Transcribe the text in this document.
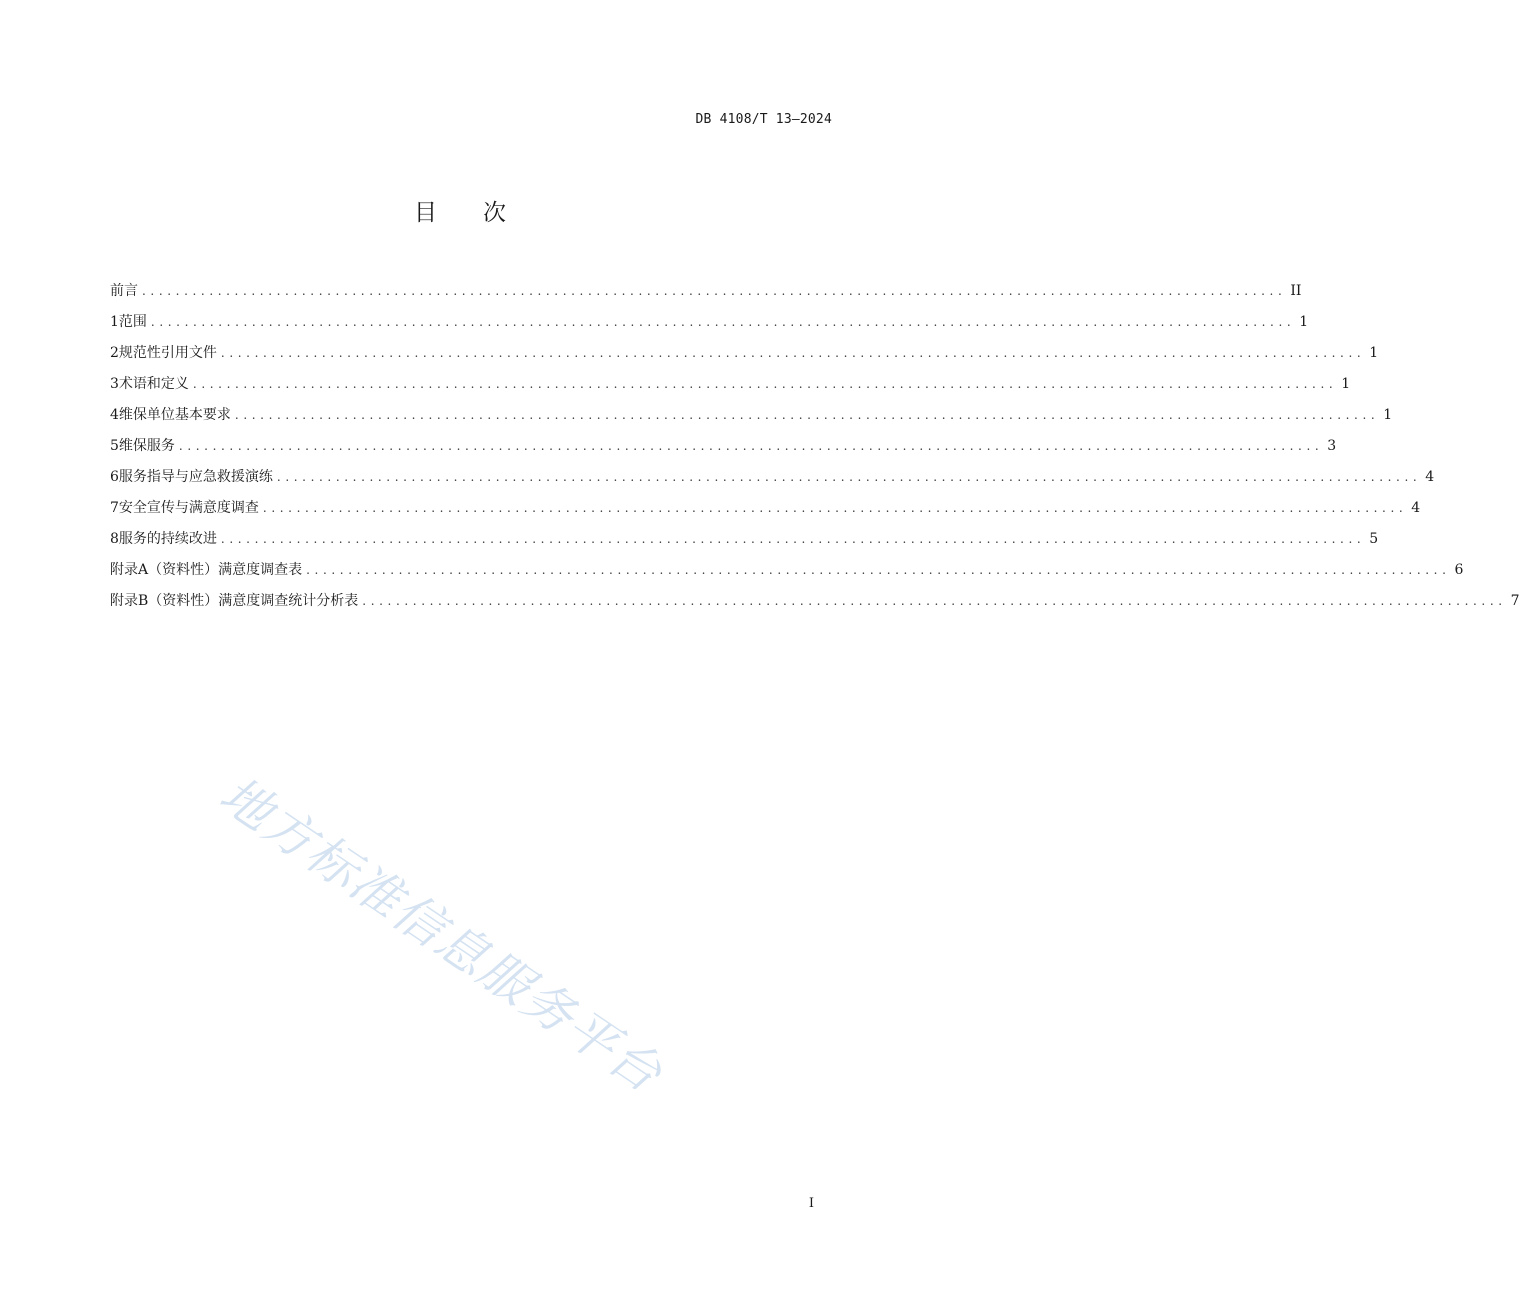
DB 4108/T 13—2024
目次
前言 ........................................................................................................................................ II
1 范围 ........................................................................................................................................ 1
2 规范性引用文件 ........................................................................................................................................ 1
3 术语和定义 ........................................................................................................................................ 1
4 维保单位基本要求 ........................................................................................................................................ 1
5 维保服务 ........................................................................................................................................ 3
6 服务指导与应急救援演练 ........................................................................................................................................ 4
7 安全宣传与满意度调查 ........................................................................................................................................ 4
8 服务的持续改进 ........................................................................................................................................ 5
附录A（资料性） 满意度调查表 ........................................................................................................................................ 6
附录B（资料性） 满意度调查统计分析表 ........................................................................................................................................ 7
地方标准信息服务平台
I
